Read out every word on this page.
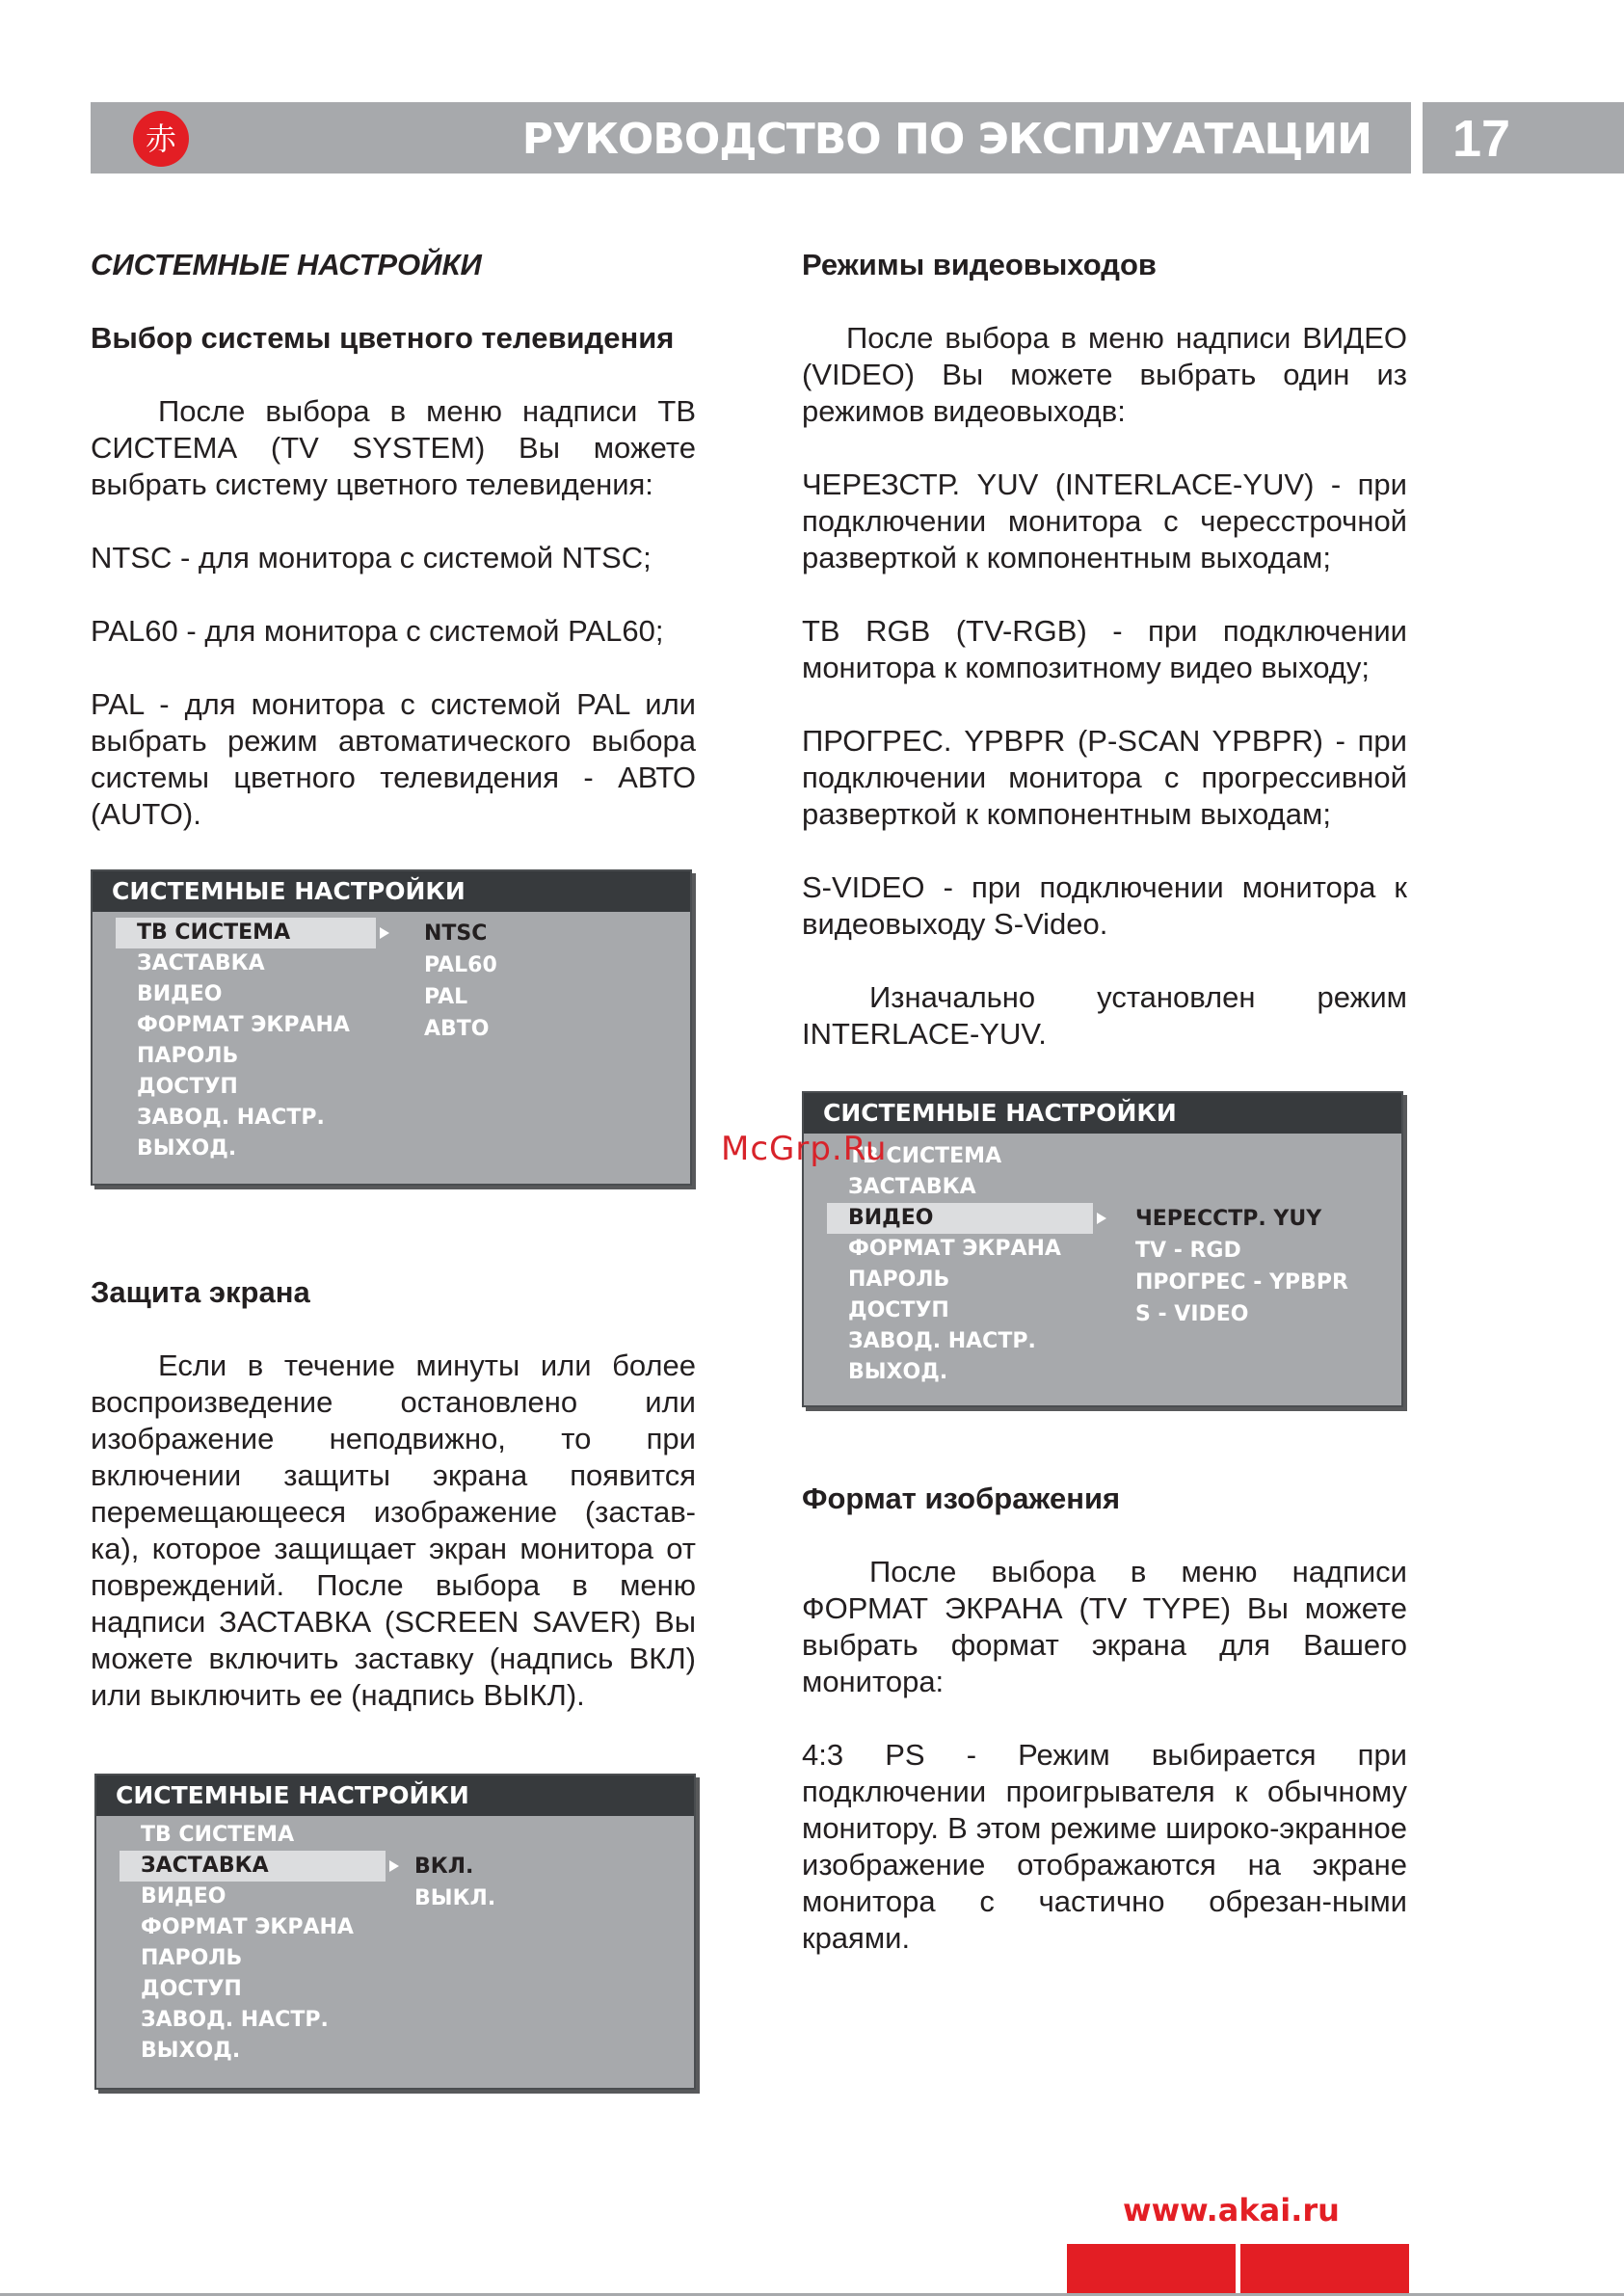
赤	РУКОВОДСТВО ПО ЭКСПЛУАТАЦИИ 17
СИСТЕМНЫЕ НАСТРОЙКИ
Выбор системы цветного телевидения

После выбора в меню надписи ТВ СИСТЕМА (TV SYSTEM) Вы можете выбрать систему цветного телевидения:

NTSC - для монитора с системой NTSC;

PAL60 - для монитора с системой PAL60;

PAL - для монитора с системой PAL или выбрать режим автоматического выбора системы цветного телевидения - АВТО (AUTO).

СИСТЕМНЫЕ НАСТРОЙКИ
ТВ СИСТЕМА
ЗАСТАВКА
ВИДЕО
ФОРМАТ ЭКРАНА
ПАРОЛЬ
ДОСТУП
ЗАВОД. НАСТР.
ВЫХОД.
NTSC
PAL60
PAL
АВТО
Защита экрана

Если в течение минуты или более воспроизведение остановлено или изображение неподвижно, то при включении защиты экрана появится перемещающееся изображение (застав-ка), которое защищает экран монитора от повреждений. После выбора в меню надписи ЗАСТАВКА (SCREEN SAVER) Вы можете включить заставку (надпись ВКЛ) или выключить ее (надпись ВЫКЛ).

СИСТЕМНЫЕ НАСТРОЙКИ
ТВ СИСТЕМА
ЗАСТАВКА
ВИДЕО
ФОРМАТ ЭКРАНА
ПАРОЛЬ
ДОСТУП
ЗАВОД. НАСТР.
ВЫХОД.
ВКЛ.
ВЫКЛ.
Режимы видеовыходов

После выбора в меню надписи ВИДЕО (VIDEO) Вы можете выбрать один из режимов видеовыходв:

ЧЕРЕЗСТР. YUV (INTERLACE-YUV) - при подключении монитора с чересстрочной разверткой к компонентным выходам;

ТВ RGB (TV-RGB) - при подключении монитора к композитному видео выходу;

ПРОГРЕС. YPBPR (P-SCAN YPBPR) - при подключении монитора с прогрессивной разверткой к компонентным выходам;

S-VIDEO - при подключении монитора к видеовыходу S-Video.

Изначально установлен режим INTERLACE-YUV.

СИСТЕМНЫЕ НАСТРОЙКИ
ТВ СИСТЕМА
ЗАСТАВКА
ВИДЕО
ФОРМАТ ЭКРАНА
ПАРОЛЬ
ДОСТУП
ЗАВОД. НАСТР.
ВЫХОД.
ЧЕРЕССТР. YUY
TV - RGD
ПРОГРЕС - YPBPR
S - VIDEO
McGrp.Ru
Формат изображения

После выбора в меню надписи ФОРМАТ ЭКРАНА (TV TYPE) Вы можете выбрать формат экрана для Вашего монитора:

4:3 PS - Режим выбирается при подключении проигрывателя к обычному монитору. В этом режиме широко-экранное изображение отображаются на экране монитора с частично обрезан-ными краями.

www.akai.ru
